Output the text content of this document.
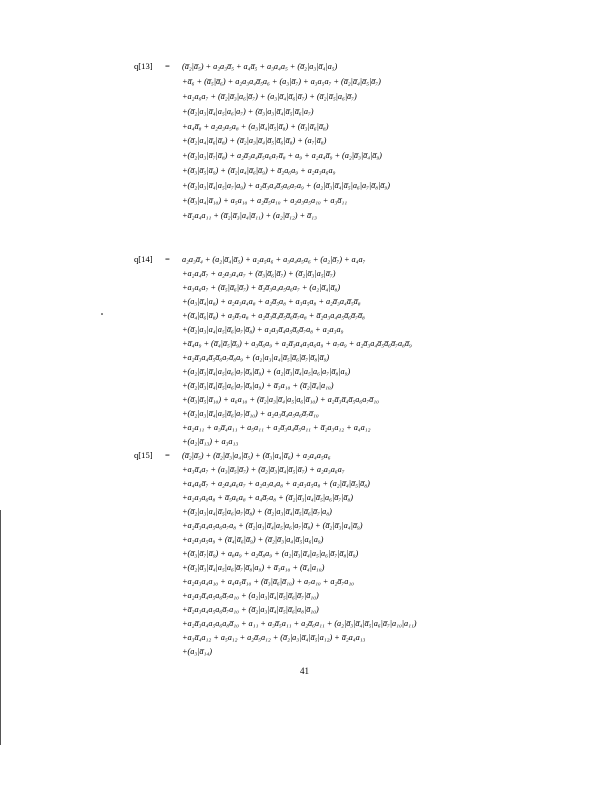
q[13] = (a̅₂|a̅₅) + a₂a₃a̅₅ + a₄a̅₅ + a₃a₄a₅ + (a̅₂|a₃|a̅₄|a₅)
+a̅₆ + (a̅₅|a̅₆) + a₂a₃a₄a̅₅a₆ + (a₃|a̅₇) + a₃a₅a₇ + (a̅₂|a̅₄|a̅₅|a̅₇)
+a₂a₆a₇ + (a̅₂|a̅₃|a₆|a̅₇) + (a₃|a̅₄|a̅₆|a̅₇) + (a̅₂|a̅₅|a₆|a̅₇)
+(a̅₂|a₃|a̅₄|a₅|a₆|a₇) + (a̅₃|a₃|a̅₄|a̅₅|a̅₆|a₇)
+a₄a̅₈ + a₂a₃a₅a₈ + (a₃|a̅₄|a̅₅|a̅₈) + (a̅₃|a̅₆|a̅₈)
+(a̅₂|a₄|a̅₆|a̅₈) + (a̅₂|a₃|a̅₄|a̅₅|a̅₆|a̅₈) + (a₇|a̅₈)
+(a̅₂|a₃|a̅₇|a̅₈) + a₂a̅₃a₄a̅₅a₆a₇a̅₈ + a₉ + a₂a₄a̅₉ + (a₂|a̅₃|a̅₄|a̅₉)
+(a̅₃|a̅₅|a̅₉) + (a̅₂|a₄|a̅₆|a̅₉) + a̅₂a₆a₉ + a₂a₃a₆a₉
+(a̅₂|a₃|a̅₄|a₅|a₇|a₉) + a₂a̅₃a₄a̅₅a₆a₇a₉ + (a₂|a̅₃|a̅₄|a̅₅|a₆|a₇|a̅₈|a̅₉)
+(a̅₃|a₄|a̅₁₀) + a₅a₁₀ + a₂a̅₅a₁₀ + a₂a₃a₅a₁₀ + a₃a̅₁₁
+a̅₂a₄a₁₁ + (a̅₂|a̅₃|a₄|a̅₁₁) + (a₂|a̅₁₂) + a̅₁₃
q[14] = a₂a₃a̅₄ + (a₂|a̅₄|a̅₅) + a₂a₅a₆ + a₃a₄a₅a₆ + (a₂|a̅₇) + a₄a₇
+a₂a₄a̅₇ + a₂a₃a₄a₇ + (a̅₃|a̅₆|a̅₇) + (a̅₂|a̅₃|a₅|a̅₇)
+a₃a₆a₇ + (a̅₅|a̅₆|a̅₇) + a̅₂a̅₃a₄a₅a₆a₇ + (a₂|a̅₄|a̅₈)
+(a₃|a̅₄|a₈) + a₂a₃a₄a₈ + a₂a̅₅a₈ + a₃a₅a₈ + a₂a̅₃a₄a̅₅a̅₈
+(a̅₄|a̅₆|a̅₈) + a₃a̅₇a₈ + a₂a̅₃a̅₄a̅₅a̅₆a̅₇a₈ + a̅₂a₃a₄a₅a̅₆a̅₇a̅₈
+(a̅₂|a₃|a₄|a₅|a̅₆|a₇|a̅₈) + a₂a₃a̅₄a₅a̅₆a̅₇a₈ + a₂a₃a₉
+a̅₄a₉ + (a̅₄|a̅₅|a̅₉) + a₃a̅₆a₉ + a₂a̅₃a₄a₅a₆a₉ + a₇a₉ + a₂a̅₃a₄a̅₅a̅₆a̅₇a₈a̅₉
+a₂a̅₃a₄a̅₅a̅₆a₇a̅₈a₉ + (a₂|a₃|a₄|a̅₅|a̅₆|a̅₇|a̅₈|a̅₉)
+(a₂|a̅₃|a̅₄|a₅|a₆|a₇|a̅₈|a̅₉) + (a₂|a̅₃|a̅₄|a₅|a₆|a₇|a̅₈|a₉)
+(a̅₂|a̅₃|a̅₄|a̅₅|a₆|a₇|a̅₈|a₉) + a̅₃a₁₀ + (a̅₂|a̅₄|a₁₀)
+(a̅₃|a̅₅|a̅₁₀) + a₆a₁₀ + (a̅₂|a₃|a̅₄|a₅|a₆|a̅₁₀) + a₂a̅₃a̅₄a̅₅a₆a₇a̅₁₀
+(a̅₂|a₃|a̅₄|a₅|a̅₆|a₇|a̅₁₀) + a₂a₃a̅₄a₅a₆a̅₇a̅₁₀
+a₂a₁₁ + a₃a̅₄a₁₁ + a₅a₁₁ + a₂a̅₃a₄a̅₅a₁₁ + a̅₂a₃a₁₂ + a₄a₁₂
+(a₂|a̅₁₃) + a₃a₁₃
q[15] = (a̅₂|a̅₅) + (a̅₂|a̅₃|a₄|a̅₅) + (a̅₃|a₄|a̅₆) + a₂a₄a₅a₆
+a₃a̅₄a₇ + (a₃|a̅₅|a̅₇) + (a̅₂|a̅₃|a̅₄|a̅₅|a̅₇) + a₂a₃a₆a₇
+a₄a₆a̅₇ + a₂a₄a₆a₇ + a₂a₃a₄a₈ + a₂a₃a₅a₈ + (a₂|a̅₄|a̅₅|a̅₈)
+a₂a₃a₆a₈ + a̅₅a₆a₈ + a₄a̅₇a₈ + (a̅₂|a̅₃|a₄|a̅₅|a₆|a̅₇|a̅₈)
+(a̅₂|a₃|a₄|a̅₅|a₆|a₇|a̅₈) + (a̅₂|a₃|a̅₄|a̅₅|a̅₆|a̅₇|a₈)
+a₂a̅₃a₄a₅a₆a₇a₈ + (a̅₂|a₃|a̅₄|a₅|a₆|a₇|a̅₈) + (a̅₂|a̅₃|a₄|a̅₉)
+a₂a₃a₅a₉ + (a̅₄|a̅₆|a̅₉) + (a̅₂|a̅₃|a₄|a̅₅|a₆|a₉)
+(a̅₃|a̅₇|a̅₉) + a₈a₉ + a₂a̅₈a₉ + (a₂|a̅₃|a̅₄|a₅|a₆|a̅₇|a̅₈|a̅₉)
+(a̅₂|a̅₃|a̅₄|a₅|a₆|a̅₇|a̅₈|a₉) + a̅₃a₁₀ + (a̅₄|a₁₀)
+a₂a₃a₄a₁₀ + a₄a₅a̅₁₀ + (a̅₃|a̅₆|a̅₁₀) + a₇a₁₀ + a₂a̅₇a₁₀
+a₂a₃a̅₄a₅a₆a̅₇a₁₀ + (a₂|a₃|a̅₄|a̅₅|a̅₆|a̅₇|a̅₁₀)
+a̅₂a₃a₄a₅a₆a̅₇a₁₀ + (a̅₂|a₃|a̅₄|a̅₅|a̅₆|a₈|a̅₁₀)
+a₂a̅₃a₄a₅a₆a₈a̅₁₀ + a₁₁ + a₃a̅₅a₁₁ + a₂a̅₆a₁₁ + (a₂|a̅₃|a̅₄|a̅₅|a₆|a̅₇|a₁₀|a₁₁)
+a₃a̅₄a₁₂ + a₅a₁₂ + a₂a̅₅a₁₂ + (a̅₂|a₃|a̅₄|a̅₅|a₁₂) + a̅₂a₄a₁₃
+(a₃|a̅₁₄)
41
